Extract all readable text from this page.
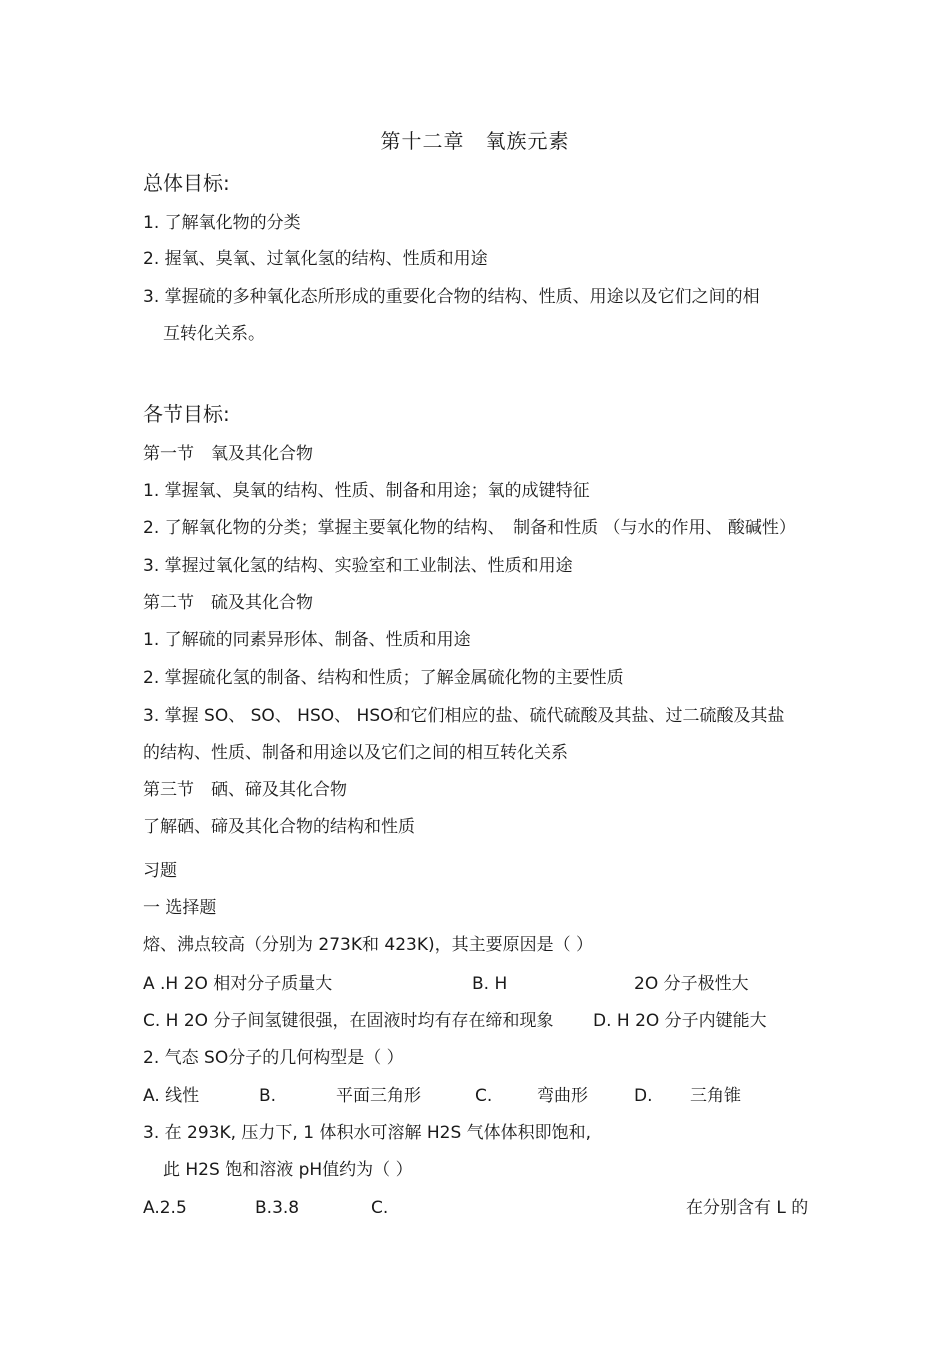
第十二章　氧族元素
总体目标:
1. 了解氧化物的分类
2. 握氧、臭氧、过氧化氢的结构、性质和用途
3. 掌握硫的多种氧化态所形成的重要化合物的结构、性质、用途以及它们之间的相
互转化关系。
各节目标:
第一节　氧及其化合物
1. 掌握氧、臭氧的结构、性质、制备和用途；氧的成键特征
2. 了解氧化物的分类；掌握主要氧化物的结构、　制备和性质 （与水的作用、 酸碱性）
3. 掌握过氧化氢的结构、实验室和工业制法、性质和用途
第二节　硫及其化合物
1. 了解硫的同素异形体、制备、性质和用途
2. 掌握硫化氢的制备、结构和性质；了解金属硫化物的主要性质
3. 掌握 SO、 SO、 HSO、 HSO和它们相应的盐、硫代硫酸及其盐、过二硫酸及其盐
的结构、性质、制备和用途以及它们之间的相互转化关系
第三节　硒、碲及其化合物
了解硒、碲及其化合物的结构和性质
习题
一 选择题
熔、沸点较高（分别为 273K和 423K)，其主要原因是（ ）
A .H 2O 相对分子质量大	B. H	2O 分子极性大
C. H 2O 分子间氢键很强，在固液时均有存在缔和现象 D. H 2O 分子内键能大
2. 气态 SO分子的几何构型是（ ）
A. 线性	B.	平面三角形	C.	弯曲形	D. 三角锥
3. 在 293K, 压力下, 1 体积水可溶解 H2S 气体体积即饱和,
此 H2S 饱和溶液 pH值约为（ ）
A.2.5	B.3.8	C.	在分别含有 L 的
